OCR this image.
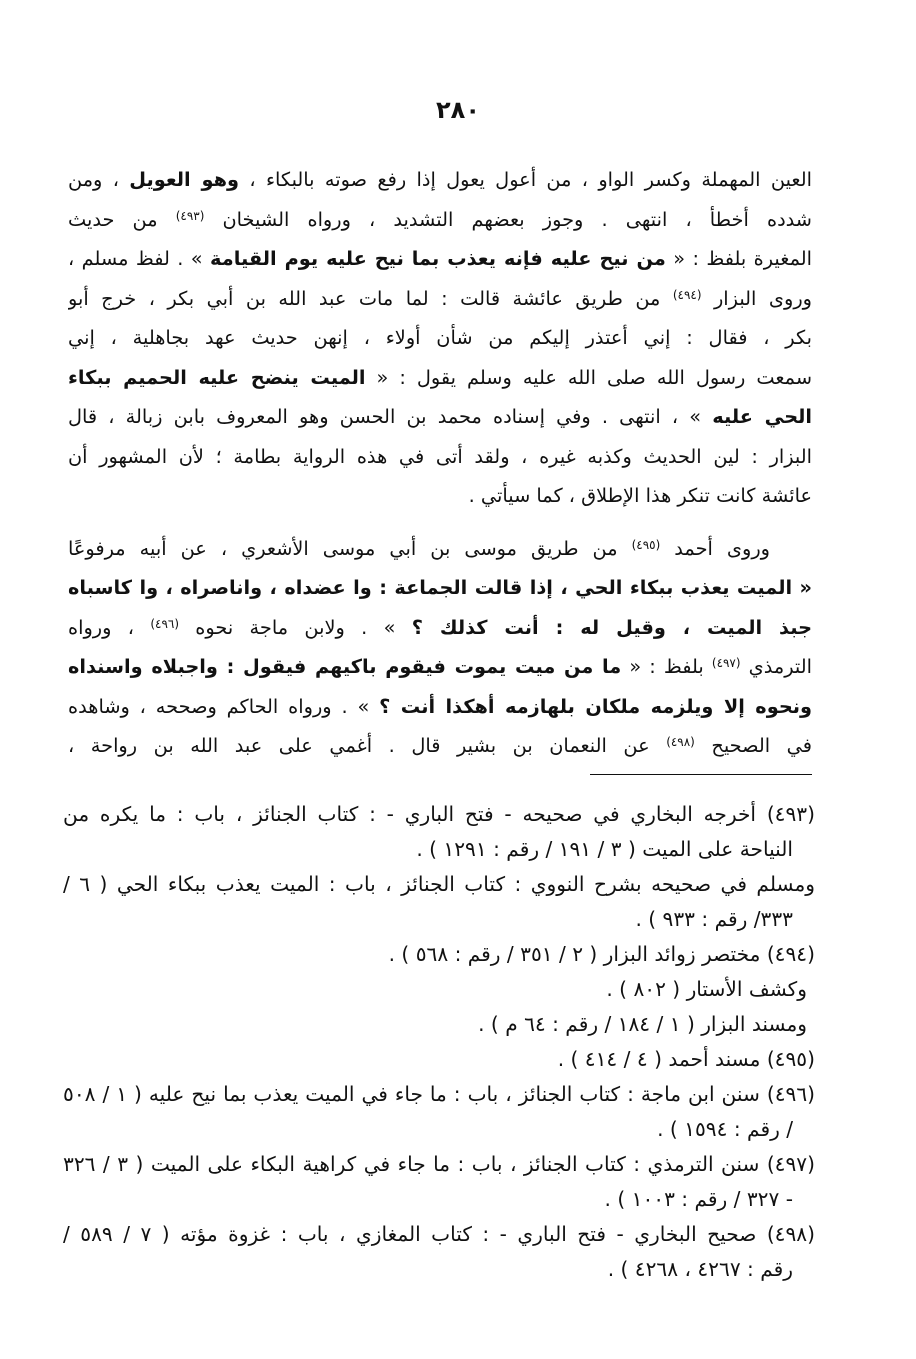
٢٨٠
العين المهملة وكسر الواو ، من أعول يعول إذا رفع صوته بالبكاء ، وهو العويل ، ومن
شدده أخطأ ، انتهى . وجوز بعضهم التشديد ، ورواه الشيخان $^{(٤٩٣)}$ من حديث
المغيرة بلفظ : « من نيح عليه فإنه يعذب بما نيح عليه يوم القيامة » . لفظ مسلم ،
وروى البزار $^{(٤٩٤)}$ من طريق عائشة قالت : لما مات عبد الله بن أبي بكر ، خرج أبو
بكر ، فقال : إني أعتذر إليكم من شأن أولاء ، إنهن حديث عهد بجاهلية ، إني
سمعت رسول الله صلى الله عليه وسلم يقول : « الميت ينضح عليه الحميم ببكاء
الحي عليه » ، انتهى . وفي إسناده محمد بن الحسن وهو المعروف بابن زبالة ، قال
البزار : لين الحديث وكذبه غيره ، ولقد أتى في هذه الرواية بطامة ؛ لأن المشهور أن
عائشة كانت تنكر هذا الإطلاق ، كما سيأتي .
وروى أحمد $^{(٤٩٥)}$ من طريق موسى بن أبي موسى الأشعري ، عن أبيه مرفوعًا
« الميت يعذب ببكاء الحي ، إذا قالت الجماعة : وا عضداه ، واناصراه ، وا كاسباه
جبذ الميت ، وقيل له : أنت كذلك ؟ » . ولابن ماجة نحوه $^{(٤٩٦)}$ ، ورواه
الترمذي $^{(٤٩٧)}$ بلفظ : « ما من ميت يموت فيقوم باكيهم فيقول : واجبلاه واسنداه
ونحوه إلا ويلزمه ملكان بلهازمه أهكذا أنت ؟ » . ورواه الحاكم وصححه ، وشاهده
في الصحيح $^{(٤٩٨)}$ عن النعمان بن بشير قال . أغمي على عبد الله بن رواحة ،
(٤٩٣) أخرجه البخاري في صحيحه - فتح الباري - : كتاب الجنائز ، باب : ما يكره من
النياحة على الميت ( ٣ / ١٩١ / رقم : ١٢٩١ ) .
ومسلم في صحيحه بشرح النووي : كتاب الجنائز ، باب : الميت يعذب ببكاء الحي ( ٦ /
٣٣٣/ رقم : ٩٣٣ ) .
(٤٩٤) مختصر زوائد البزار ( ٢ / ٣٥١ / رقم : ٥٦٨ ) .
وكشف الأستار ( ٨٠٢ ) .
ومسند البزار ( ١ / ١٨٤ / رقم : ٦٤ م ) .
(٤٩٥) مسند أحمد ( ٤ / ٤١٤ ) .
(٤٩٦) سنن ابن ماجة : كتاب الجنائز ، باب : ما جاء في الميت يعذب بما نيح عليه ( ١ / ٥٠٨
/ رقم : ١٥٩٤ ) .
(٤٩٧) سنن الترمذي : كتاب الجنائز ، باب : ما جاء في كراهية البكاء على الميت ( ٣ / ٣٢٦
- ٣٢٧ / رقم : ١٠٠٣ ) .
(٤٩٨) صحيح البخاري - فتح الباري - : كتاب المغازي ، باب : غزوة مؤته ( ٧ / ٥٨٩ /
رقم : ٤٢٦٧ ، ٤٢٦٨ ) .
